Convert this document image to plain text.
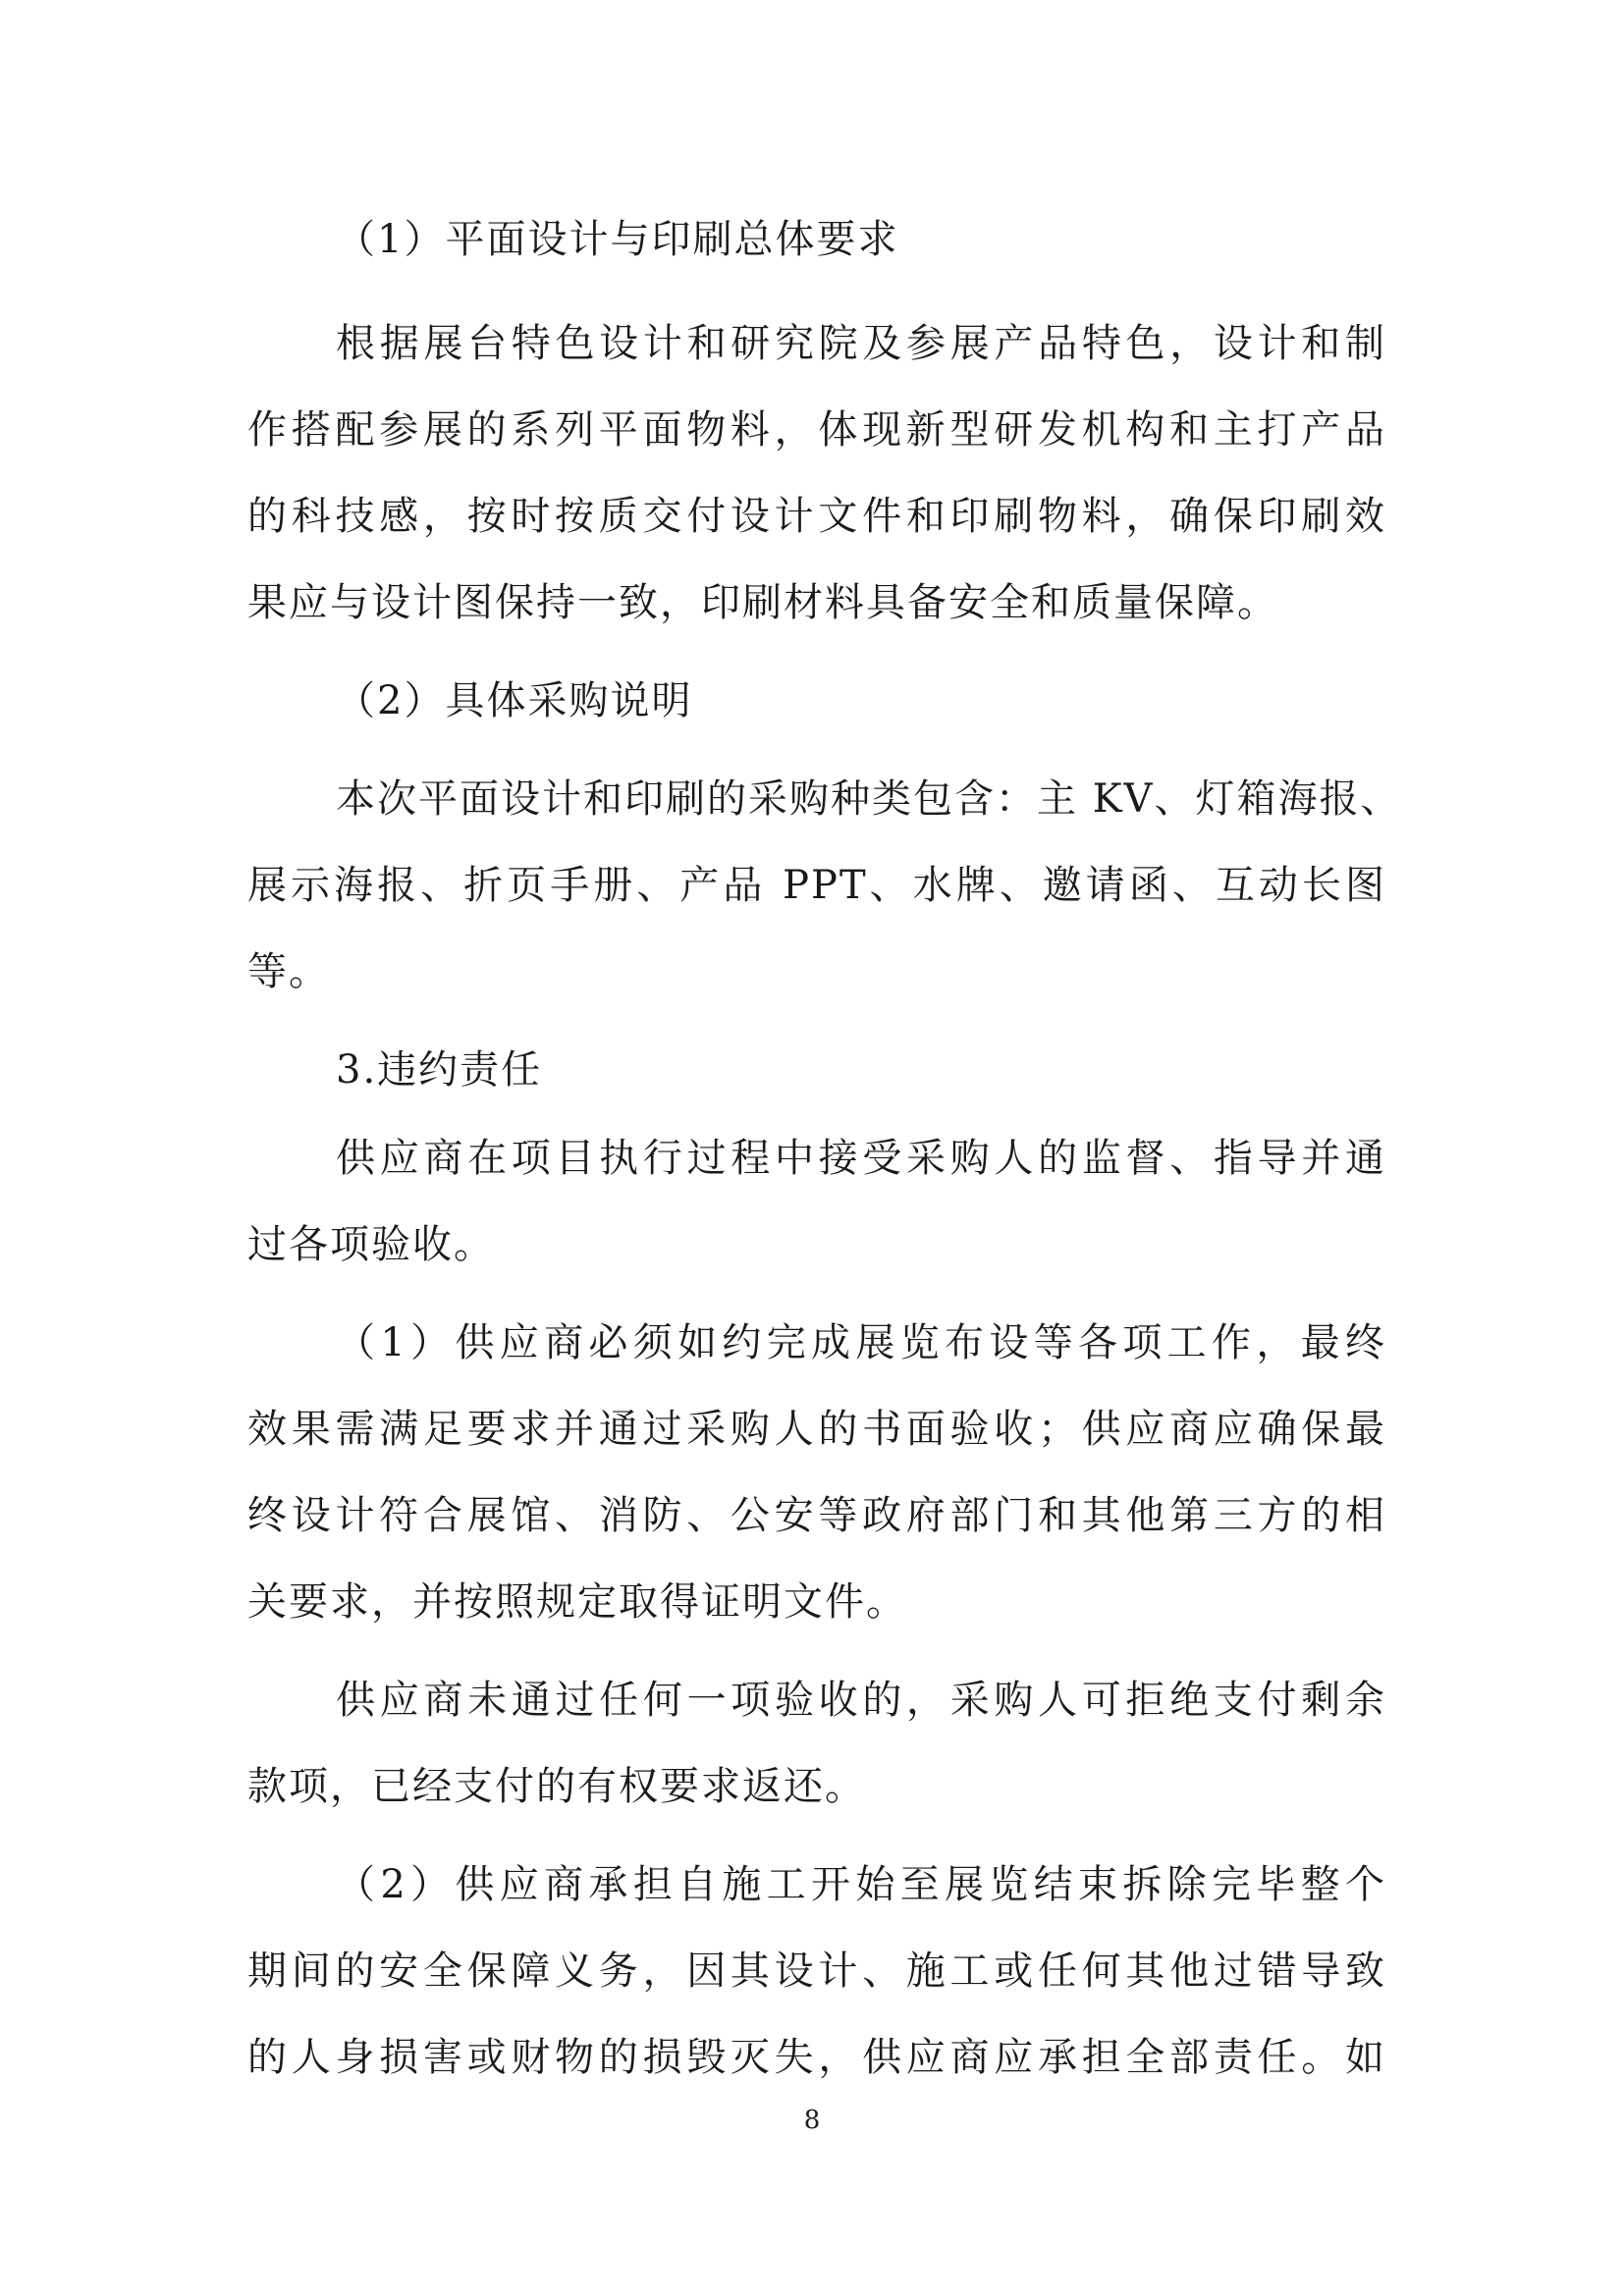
（1）平面设计与印刷总体要求
根据展台特色设计和研究院及参展产品特色，设计和制
作搭配参展的系列平面物料，体现新型研发机构和主打产品
的科技感，按时按质交付设计文件和印刷物料，确保印刷效
果应与设计图保持一致，印刷材料具备安全和质量保障。
（2）具体采购说明
本次平面设计和印刷的采购种类包含：主 KV、灯箱海报、
展示海报、折页手册、产品 PPT、水牌、邀请函、互动长图
等。
3.违约责任
供应商在项目执行过程中接受采购人的监督、指导并通
过各项验收。
（1）供应商必须如约完成展览布设等各项工作，最终
效果需满足要求并通过采购人的书面验收；供应商应确保最
终设计符合展馆、消防、公安等政府部门和其他第三方的相
关要求，并按照规定取得证明文件。
供应商未通过任何一项验收的，采购人可拒绝支付剩余
款项，已经支付的有权要求返还。
（2）供应商承担自施工开始至展览结束拆除完毕整个
期间的安全保障义务，因其设计、施工或任何其他过错导致
的人身损害或财物的损毁灭失，供应商应承担全部责任。如
8
